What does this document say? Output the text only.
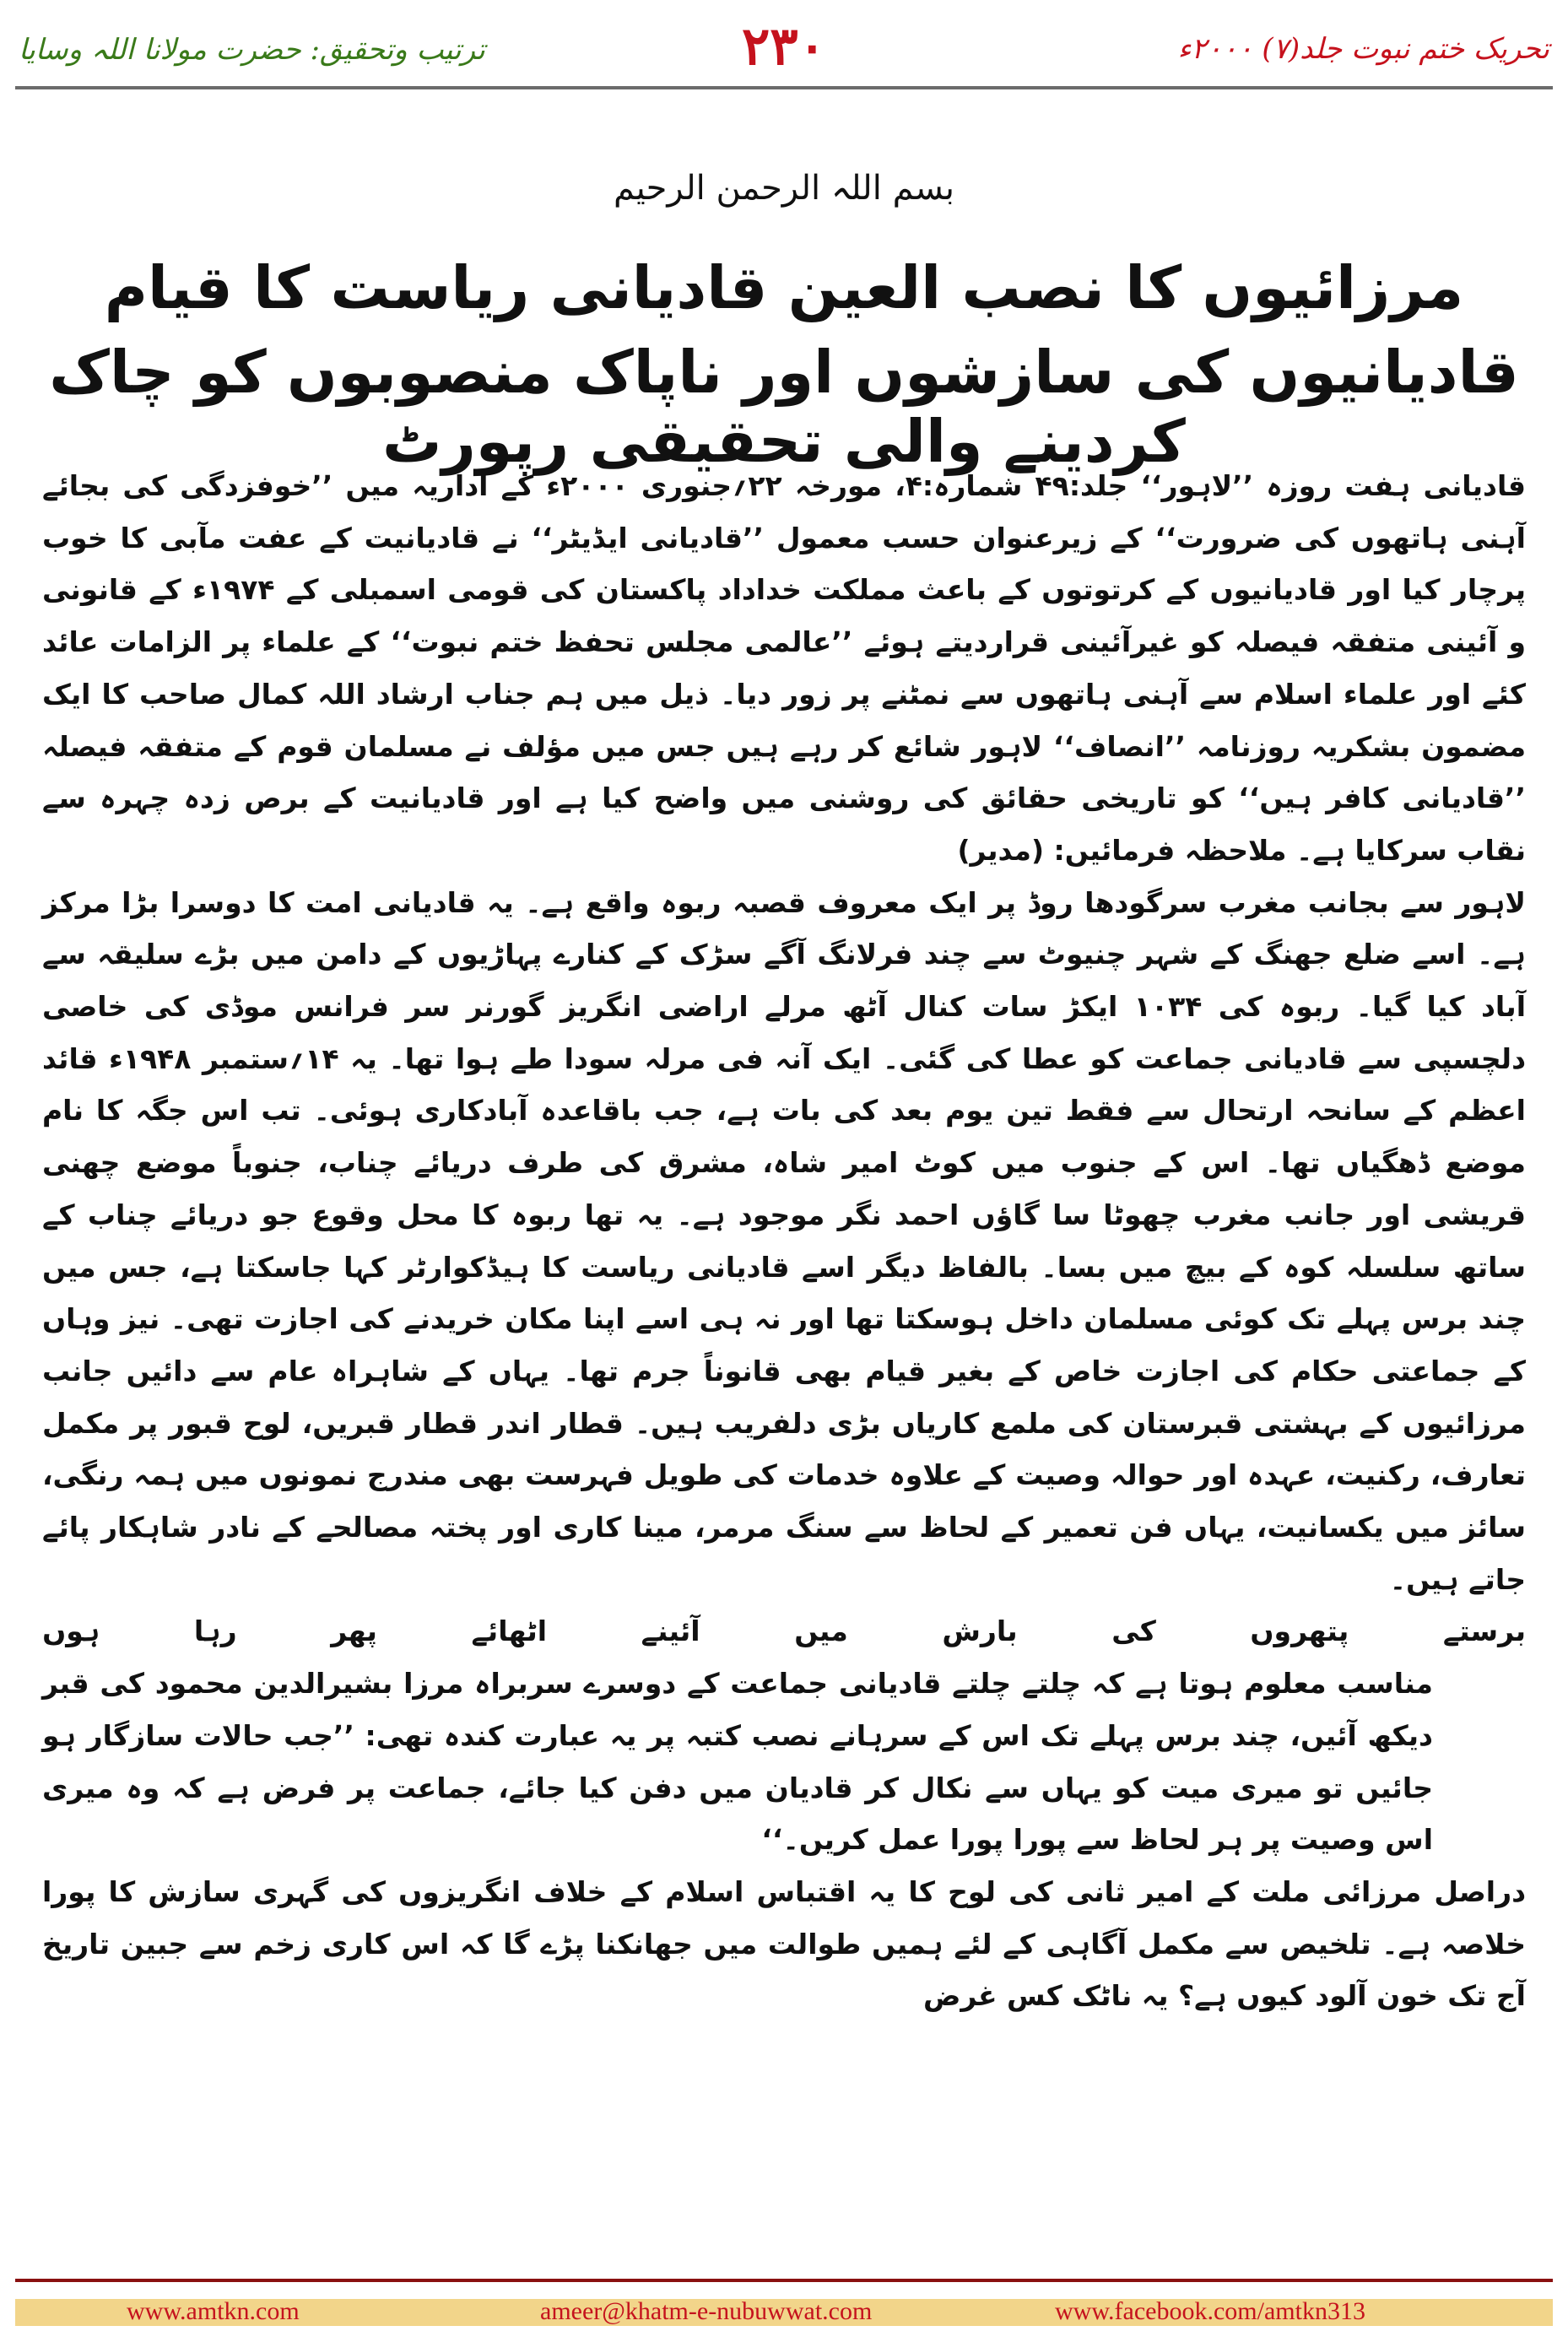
ترتیب وتحقیق: حضرت مولانا اللہ وسایا	۲۳۰	تحریک ختم نبوت جلد(۷) ۲۰۰۰ء
بسم اللہ الرحمن الرحیم
مرزائیوں کا نصب العین قادیانی ریاست کا قیام
قادیانیوں کی سازشوں اور ناپاک منصوبوں کو چاک کردینے والی تحقیقی رپورٹ

قادیانی ہفت روزہ ’’لاہور‘‘ جلد:۴۹ شمارہ:۴، مورخہ ۲۲؍جنوری ۲۰۰۰ء کے اداریہ میں ’’خوفزدگی کی بجائے آہنی ہاتھوں کی ضرورت‘‘ کے زیرعنوان حسب معمول ’’قادیانی ایڈیٹر‘‘ نے قادیانیت کے عفت مآبی کا خوب پرچار کیا اور قادیانیوں کے کرتوتوں کے باعث مملکت خداداد پاکستان کی قومی اسمبلی کے ۱۹۷۴ء کے قانونی و آئینی متفقہ فیصلہ کو غیرآئینی قراردیتے ہوئے ’’عالمی مجلس تحفظ ختم نبوت‘‘ کے علماء پر الزامات عائد کئے اور علماء اسلام سے آہنی ہاتھوں سے نمٹنے پر زور دیا۔ ذیل میں ہم جناب ارشاد اللہ کمال صاحب کا ایک مضمون بشکریہ روزنامہ ’’انصاف‘‘ لاہور شائع کر رہے ہیں جس میں مؤلف نے مسلمان قوم کے متفقہ فیصلہ ’’قادیانی کافر ہیں‘‘ کو تاریخی حقائق کی روشنی میں واضح کیا ہے اور قادیانیت کے برص زدہ چہرہ سے نقاب سرکایا ہے۔ ملاحظہ فرمائیں: (مدیر)

لاہور سے بجانب مغرب سرگودھا روڈ پر ایک معروف قصبہ ربوہ واقع ہے۔ یہ قادیانی امت کا دوسرا بڑا مرکز ہے۔ اسے ضلع جھنگ کے شہر چنیوٹ سے چند فرلانگ آگے سڑک کے کنارے پہاڑیوں کے دامن میں بڑے سلیقہ سے آباد کیا گیا۔ ربوہ کی ۱۰۳۴ ایکڑ سات کنال آٹھ مرلے اراضی انگریز گورنر سر فرانس موڈی کی خاصی دلچسپی سے قادیانی جماعت کو عطا کی گئی۔ ایک آنہ فی مرلہ سودا طے ہوا تھا۔ یہ ۱۴؍ستمبر ۱۹۴۸ء قائد اعظم کے سانحہ ارتحال سے فقط تین یوم بعد کی بات ہے، جب باقاعدہ آبادکاری ہوئی۔ تب اس جگہ کا نام موضع ڈھگیاں تھا۔ اس کے جنوب میں کوٹ امیر شاہ، مشرق کی طرف دریائے چناب، جنوباً موضع چھنی قریشی اور جانب مغرب چھوٹا سا گاؤں احمد نگر موجود ہے۔ یہ تھا ربوہ کا محل وقوع جو دریائے چناب کے ساتھ سلسلہ کوہ کے بیچ میں بسا۔ بالفاظ دیگر اسے قادیانی ریاست کا ہیڈکوارٹر کہا جاسکتا ہے، جس میں چند برس پہلے تک کوئی مسلمان داخل ہوسکتا تھا اور نہ ہی اسے اپنا مکان خریدنے کی اجازت تھی۔ نیز وہاں کے جماعتی حکام کی اجازت خاص کے بغیر قیام بھی قانوناً جرم تھا۔ یہاں کے شاہراہ عام سے دائیں جانب مرزائیوں کے بہشتی قبرستان کی ملمع کاریاں بڑی دلفریب ہیں۔ قطار اندر قطار قبریں، لوح قبور پر مکمل تعارف، رکنیت، عہدہ اور حوالہ وصیت کے علاوہ خدمات کی طویل فہرست بھی مندرج نمونوں میں ہمہ رنگی، سائز میں یکسانیت، یہاں فن تعمیر کے لحاظ سے سنگ مرمر، مینا کاری اور پختہ مصالحے کے نادر شاہکار پائے جاتے ہیں۔

برستے
پتھروں
کی
بارش
میں
آئینے
اٹھائے
پھر
رہا
ہوں

مناسب معلوم ہوتا ہے کہ چلتے چلتے قادیانی جماعت کے دوسرے سربراہ مرزا بشیرالدین محمود کی قبر دیکھ آئیں، چند برس پہلے تک اس کے سرہانے نصب کتبہ پر یہ عبارت کندہ تھی: ’’جب حالات سازگار ہو جائیں تو میری میت کو یہاں سے نکال کر قادیان میں دفن کیا جائے، جماعت پر فرض ہے کہ وہ میری اس وصیت پر ہر لحاظ سے پورا پورا عمل کریں۔‘‘

دراصل مرزائی ملت کے امیر ثانی کی لوح کا یہ اقتباس اسلام کے خلاف انگریزوں کی گہری سازش کا پورا خلاصہ ہے۔ تلخیص سے مکمل آگاہی کے لئے ہمیں طوالت میں جھانکنا پڑے گا کہ اس کاری زخم سے جبین تاریخ آج تک خون آلود کیوں ہے؟ یہ ناٹک کس غرض

www.amtkn.com	ameer@khatm-e-nubuwwat.com	www.facebook.com/amtkn313
